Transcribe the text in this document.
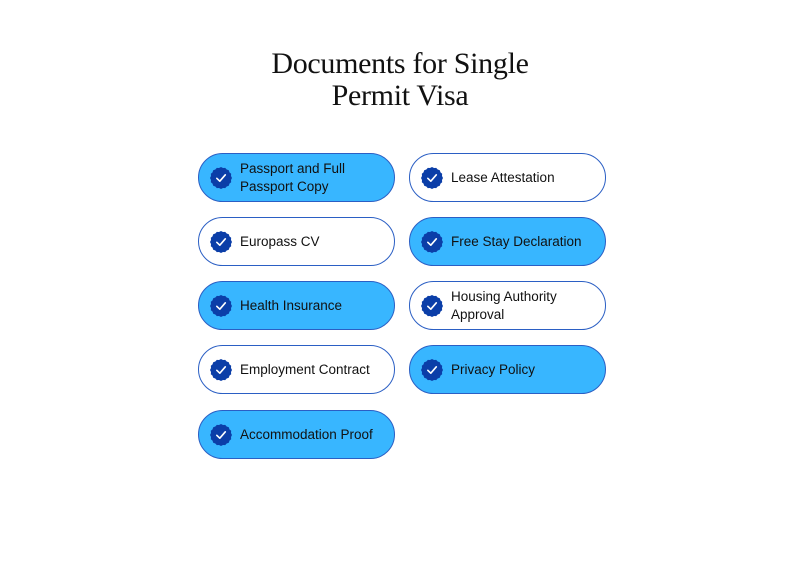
Documents for Single
Permit Visa
Passport and Full
Passport Copy
Lease Attestation
Europass CV	Free Stay Declaration
Health Insurance
Housing Authority
Approval
Employment Contract	Privacy Policy
Accommodation Proof
